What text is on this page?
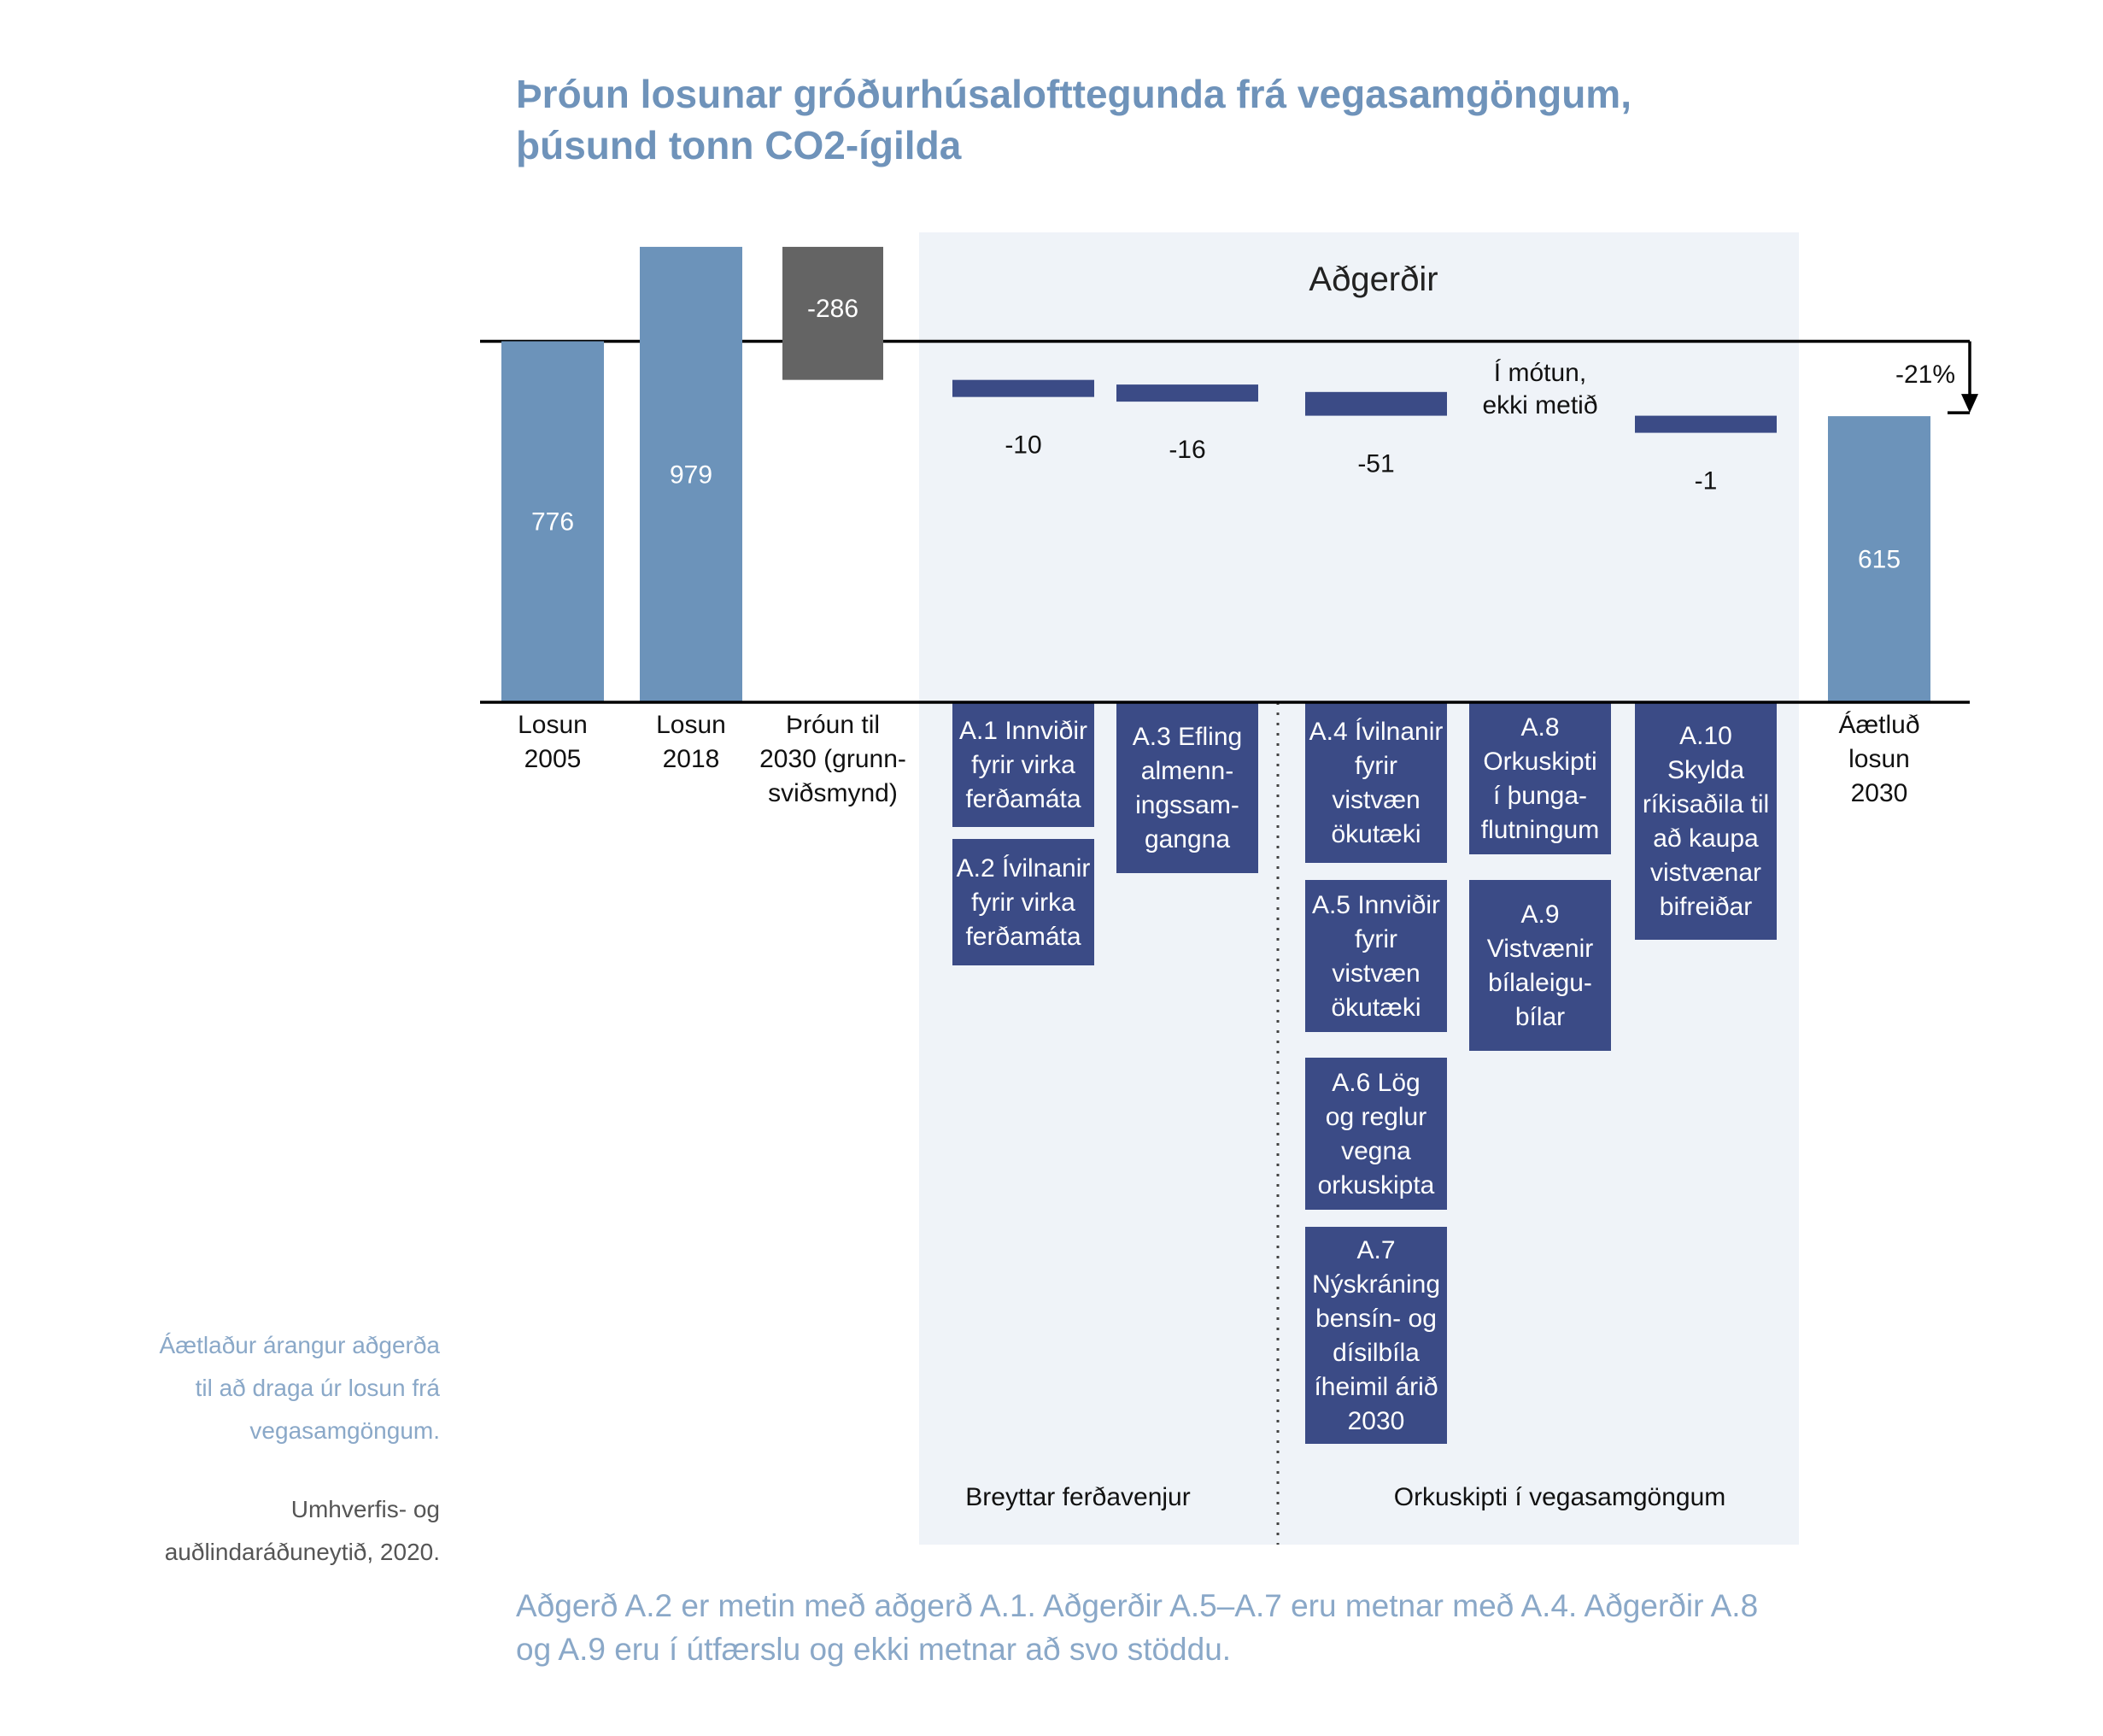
Aðgerðir
-21%
776
Losun 2005
979
Losun 2018
-286
Þróun til 2030 (grunn-sviðsmynd)
-10
A.1 Innviðir fyrir virka ferðamáta
A.2 Ívilnanir fyrir virka ferðamáta
-16
A.3 Efling almenn-ingssam-gangna
-51
A.4 Ívilnanir fyrir vistvæn ökutæki
A.5 Innviðir fyrir vistvæn ökutæki
A.6 Lög og reglur vegna orkuskipta
A.7 Nýskráning bensín- og dísilbíla íheimil árið 2030
Í mótun, ekki metið
A.8 Orkuskipti í þunga-flutningum
A.9 Vistvænir bílaleigu-bílar
-1
A.10 Skylda ríkisaðila til að kaupa vistvænar bifreiðar
615
Áætluð losun 2030
Breyttar ferðavenjur	Orkuskipti í vegasamgöngum
Þróun losunar gróðurhúsalofttegunda frá vegasamgöngum,
þúsund tonn CO2-ígilda
Áætlaður árangur aðgerða
til að draga úr losun frá
vegasamgöngum.
Umhverfis- og
auðlindaráðuneytið, 2020.
Aðgerð A.2 er metin með aðgerð A.1. Aðgerðir A.5–A.7 eru metnar með A.4. Aðgerðir A.8
og A.9 eru í útfærslu og ekki metnar að svo stöddu.
